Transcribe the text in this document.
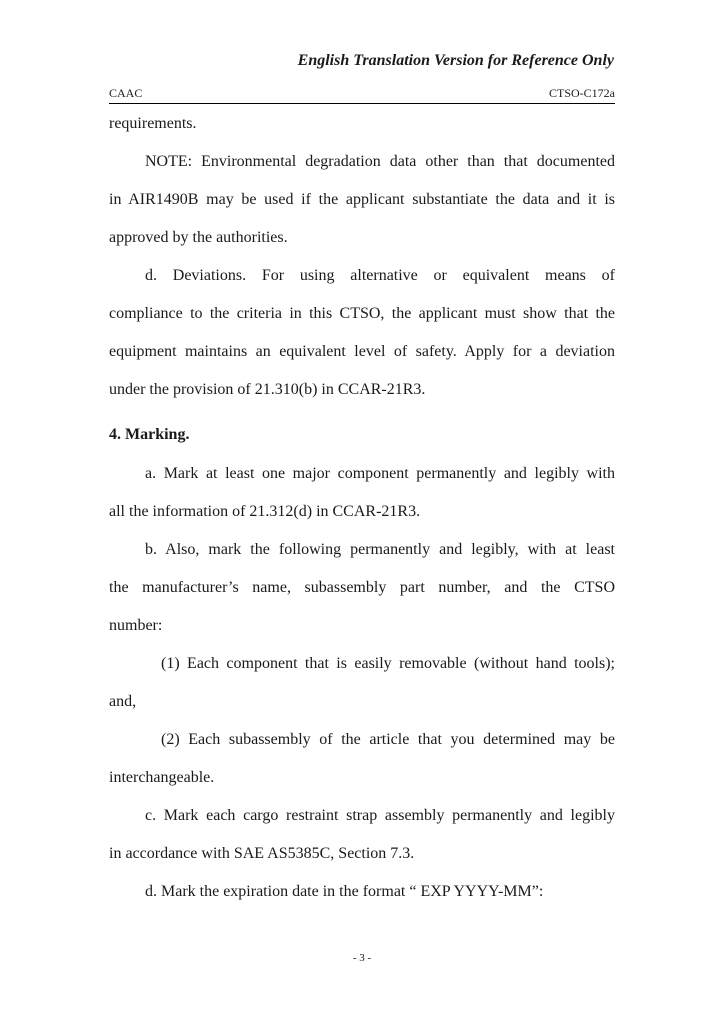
English Translation Version for Reference Only
CAAC	CTSO-C172a
requirements.
NOTE: Environmental degradation data other than that documented
in AIR1490B may be used if the applicant substantiate the data and it is
approved by the authorities.
d. Deviations. For using alternative or equivalent means of
compliance to the criteria in this CTSO, the applicant must show that the
equipment maintains an equivalent level of safety. Apply for a deviation
under the provision of 21.310(b) in CCAR-21R3.
4. Marking.
a. Mark at least one major component permanently and legibly with
all the information of 21.312(d) in CCAR-21R3.
b. Also, mark the following permanently and legibly, with at least
the manufacturer’s name, subassembly part number, and the CTSO
number:
(1) Each component that is easily removable (without hand tools);
and,
(2) Each subassembly of the article that you determined may be
interchangeable.
c. Mark each cargo restraint strap assembly permanently and legibly
in accordance with SAE AS5385C, Section 7.3.
d. Mark the expiration date in the format “ EXP YYYY-MM”:
- 3 -
